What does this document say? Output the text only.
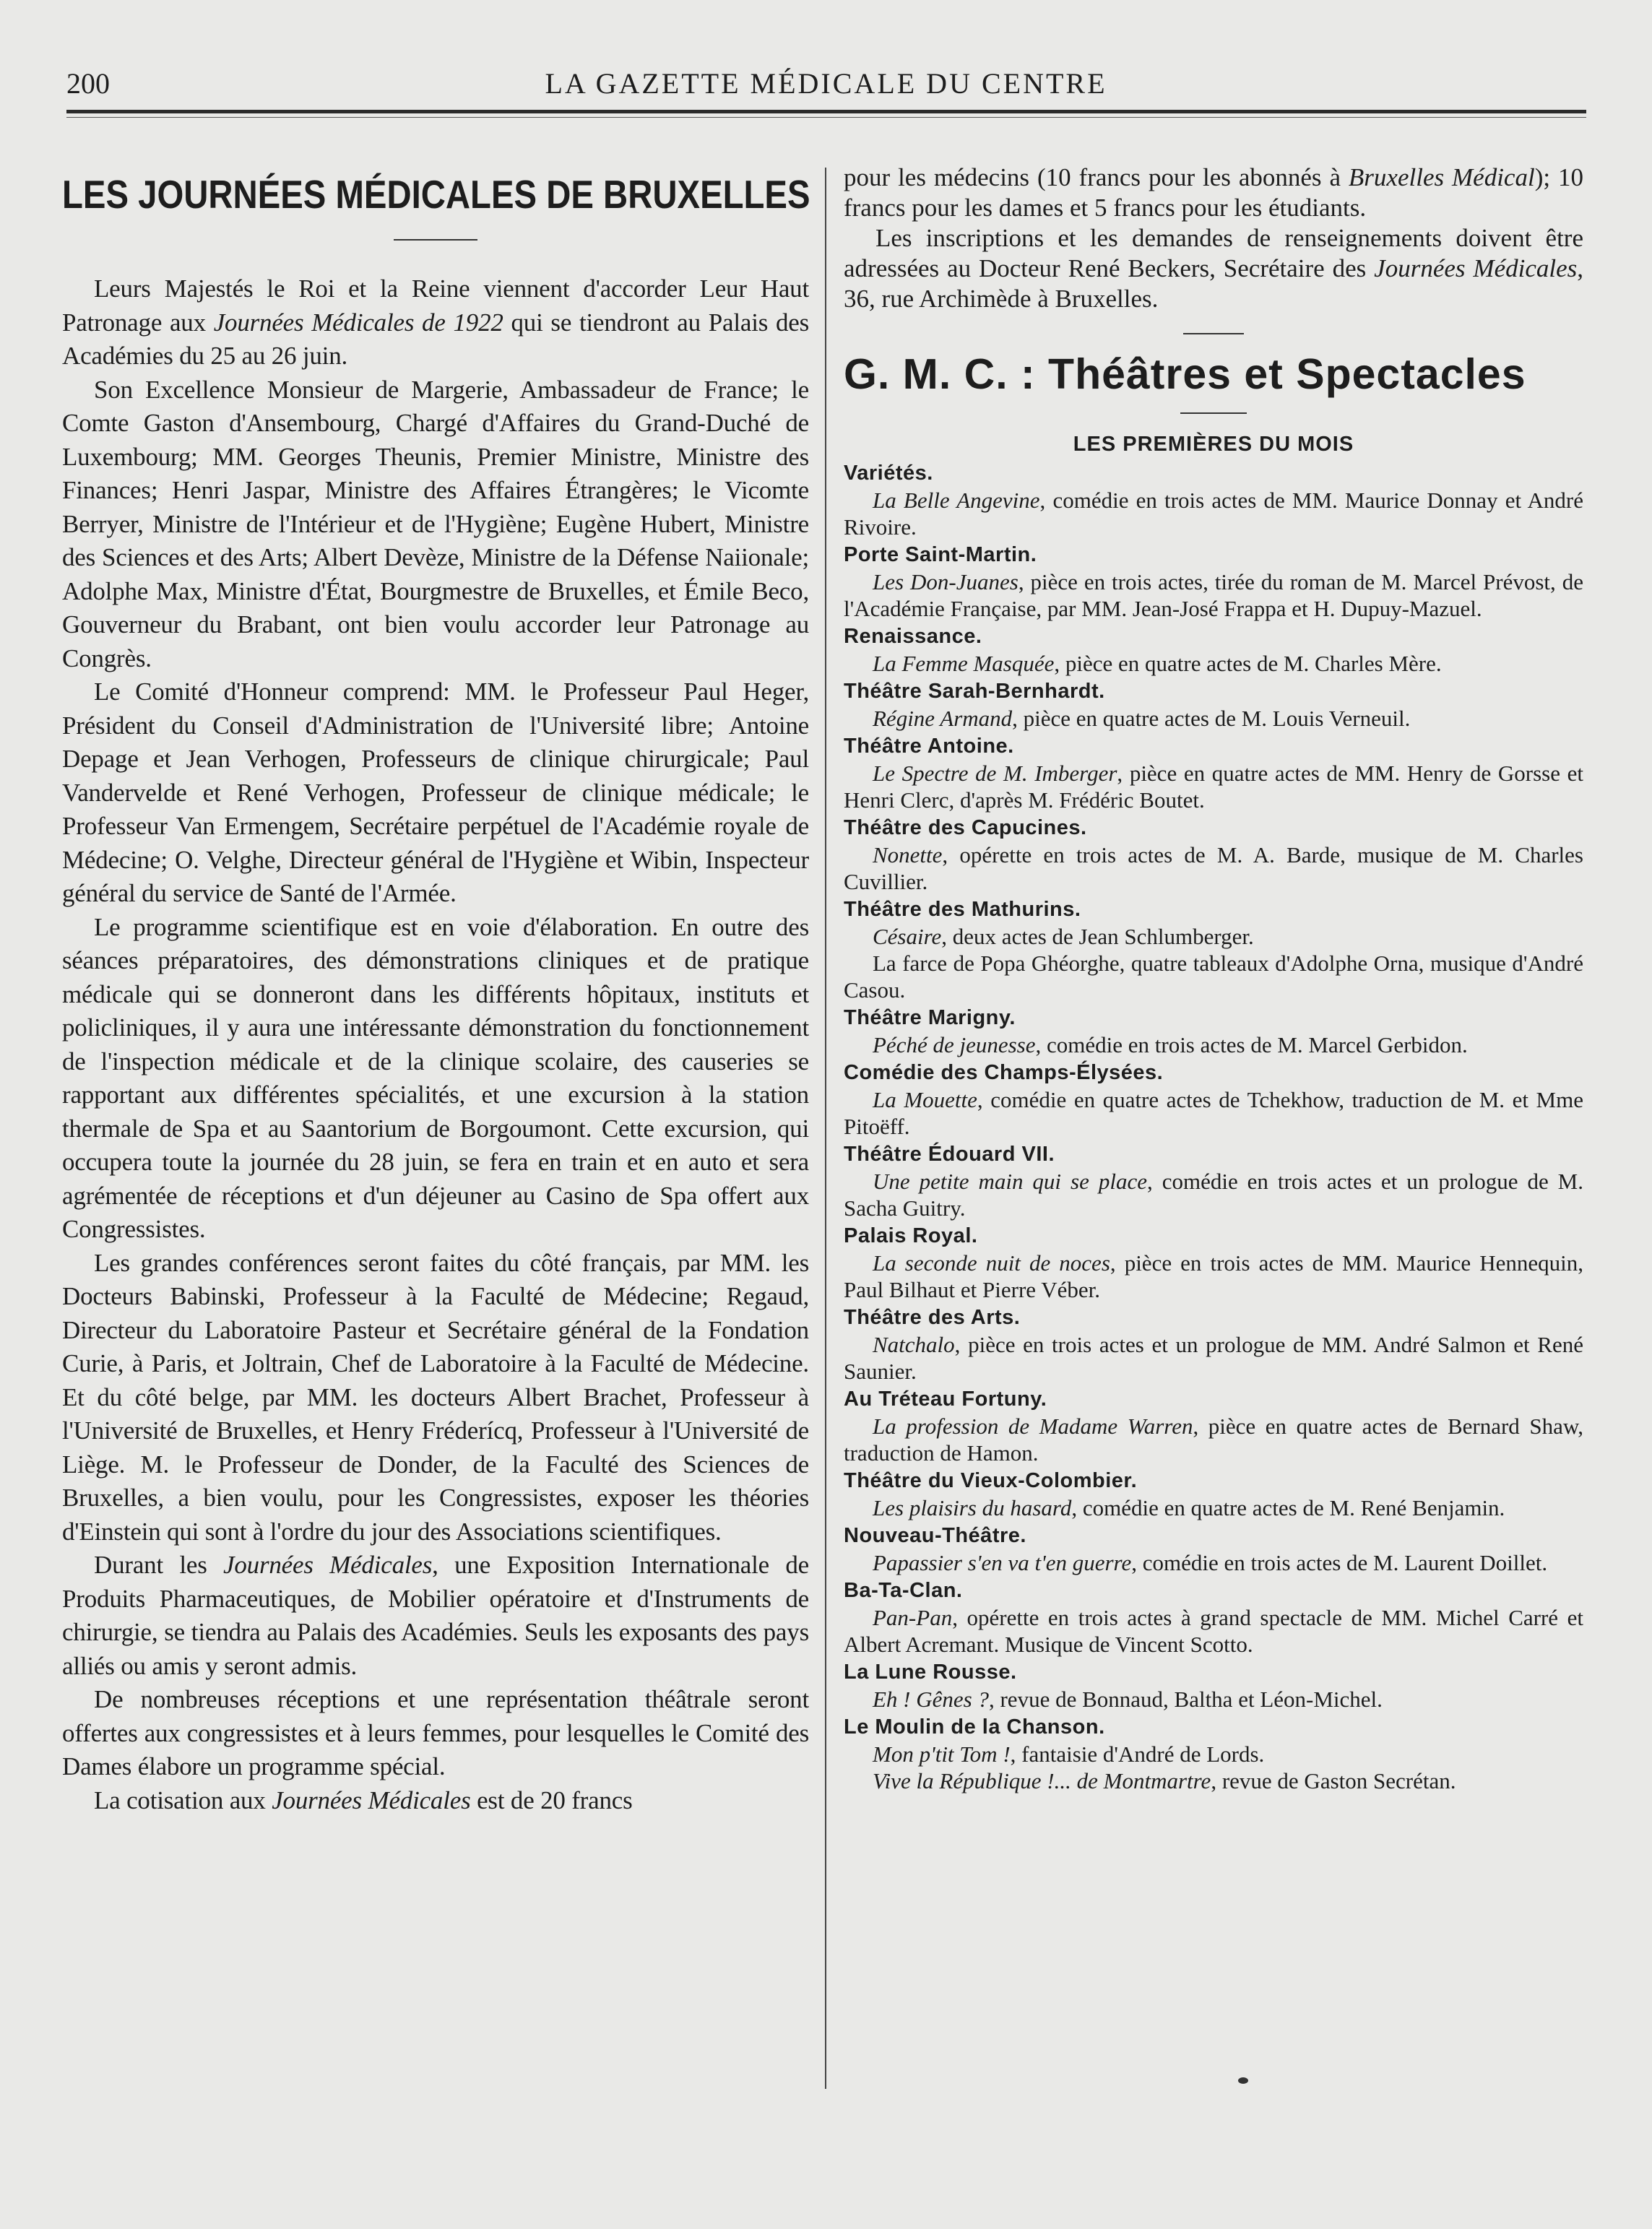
200	LA GAZETTE MÉDICALE DU CENTRE
LES JOURNÉES MÉDICALES DE BRUXELLES

Leurs Majestés le Roi et la Reine viennent d'accorder Leur Haut Patronage aux Journées Médicales de 1922 qui se tiendront au Palais des Académies du 25 au 26 juin.

Son Excellence Monsieur de Margerie, Ambassadeur de France; le Comte Gaston d'Ansembourg, Chargé d'Affaires du Grand-Duché de Luxembourg; MM. Georges Theunis, Premier Ministre, Ministre des Finances; Henri Jaspar, Ministre des Affaires Étrangères; le Vicomte Berryer, Ministre de l'Intérieur et de l'Hygiène; Eugène Hubert, Ministre des Sciences et des Arts; Albert Devèze, Ministre de la Défense Naiionale; Adolphe Max, Ministre d'État, Bourgmestre de Bruxelles, et Émile Beco, Gouverneur du Brabant, ont bien voulu accorder leur Patronage au Congrès.

Le Comité d'Honneur comprend: MM. le Professeur Paul Heger, Président du Conseil d'Administration de l'Université libre; Antoine Depage et Jean Verhogen, Professeurs de clinique chirurgicale; Paul Vandervelde et René Verhogen, Professeur de clinique médicale; le Professeur Van Ermengem, Secrétaire perpétuel de l'Académie royale de Médecine; O. Velghe, Directeur général de l'Hygiène et Wibin, Inspecteur général du service de Santé de l'Armée.

Le programme scientifique est en voie d'élaboration. En outre des séances préparatoires, des démonstrations cliniques et de pratique médicale qui se donneront dans les différents hôpitaux, instituts et policliniques, il y aura une intéressante démonstration du fonctionnement de l'inspection médicale et de la clinique scolaire, des causeries se rapportant aux différentes spécialités, et une excursion à la station thermale de Spa et au Saantorium de Borgoumont. Cette excursion, qui occupera toute la journée du 28 juin, se fera en train et en auto et sera agrémentée de réceptions et d'un déjeuner au Casino de Spa offert aux Congressistes.

Les grandes conférences seront faites du côté français, par MM. les Docteurs Babinski, Professeur à la Faculté de Médecine; Regaud, Directeur du Laboratoire Pasteur et Secrétaire général de la Fondation Curie, à Paris, et Joltrain, Chef de Laboratoire à la Faculté de Médecine. Et du côté belge, par MM. les docteurs Albert Brachet, Professeur à l'Université de Bruxelles, et Henry Fréderícq, Professeur à l'Université de Liège. M. le Professeur de Donder, de la Faculté des Sciences de Bruxelles, a bien voulu, pour les Congressistes, exposer les théories d'Einstein qui sont à l'ordre du jour des Associations scientifiques.

Durant les Journées Médicales, une Exposition Internationale de Produits Pharmaceutiques, de Mobilier opératoire et d'Instruments de chirurgie, se tiendra au Palais des Académies. Seuls les exposants des pays alliés ou amis y seront admis.

De nombreuses réceptions et une représentation théâtrale seront offertes aux congressistes et à leurs femmes, pour lesquelles le Comité des Dames élabore un programme spécial.

La cotisation aux Journées Médicales est de 20 francs

pour les médecins (10 francs pour les abonnés à Bruxelles Médical); 10 francs pour les dames et 5 francs pour les étudiants.

Les inscriptions et les demandes de renseignements doivent être adressées au Docteur René Beckers, Secrétaire des Journées Médicales, 36, rue Archimède à Bruxelles.

G. M. C. : Théâtres et Spectacles
LES PREMIÈRES DU MOIS
Variétés.

La Belle Angevine, comédie en trois actes de MM. Maurice Donnay et André Rivoire.

Porte Saint-Martin.

Les Don-Juanes, pièce en trois actes, tirée du roman de M. Marcel Prévost, de l'Académie Française, par MM. Jean-José Frappa et H. Dupuy-Mazuel.

Renaissance.

La Femme Masquée, pièce en quatre actes de M. Charles Mère.

Théâtre Sarah-Bernhardt.

Régine Armand, pièce en quatre actes de M. Louis Verneuil.

Théâtre Antoine.

Le Spectre de M. Imberger, pièce en quatre actes de MM. Henry de Gorsse et Henri Clerc, d'après M. Frédéric Boutet.

Théâtre des Capucines.

Nonette, opérette en trois actes de M. A. Barde, musique de M. Charles Cuvillier.

Théâtre des Mathurins.

Césaire, deux actes de Jean Schlumberger.

La farce de Popa Ghéorghe, quatre tableaux d'Adolphe Orna, musique d'André Casou.

Théâtre Marigny.

Péché de jeunesse, comédie en trois actes de M. Marcel Gerbidon.

Comédie des Champs-Élysées.

La Mouette, comédie en quatre actes de Tchekhow, traduction de M. et Mme Pitoëff.

Théâtre Édouard VII.

Une petite main qui se place, comédie en trois actes et un prologue de M. Sacha Guitry.

Palais Royal.

La seconde nuit de noces, pièce en trois actes de MM. Maurice Hennequin, Paul Bilhaut et Pierre Véber.

Théâtre des Arts.

Natchalo, pièce en trois actes et un prologue de MM. André Salmon et René Saunier.

Au Tréteau Fortuny.

La profession de Madame Warren, pièce en quatre actes de Bernard Shaw, traduction de Hamon.

Théâtre du Vieux-Colombier.

Les plaisirs du hasard, comédie en quatre actes de M. René Benjamin.

Nouveau-Théâtre.

Papassier s'en va t'en guerre, comédie en trois actes de M. Laurent Doillet.

Ba-Ta-Clan.

Pan-Pan, opérette en trois actes à grand spectacle de MM. Michel Carré et Albert Acremant. Musique de Vincent Scotto.

La Lune Rousse.

Eh ! Gênes ?, revue de Bonnaud, Baltha et Léon-Michel.

Le Moulin de la Chanson.

Mon p'tit Tom !, fantaisie d'André de Lords.

Vive la République !... de Montmartre, revue de Gaston Secrétan.
